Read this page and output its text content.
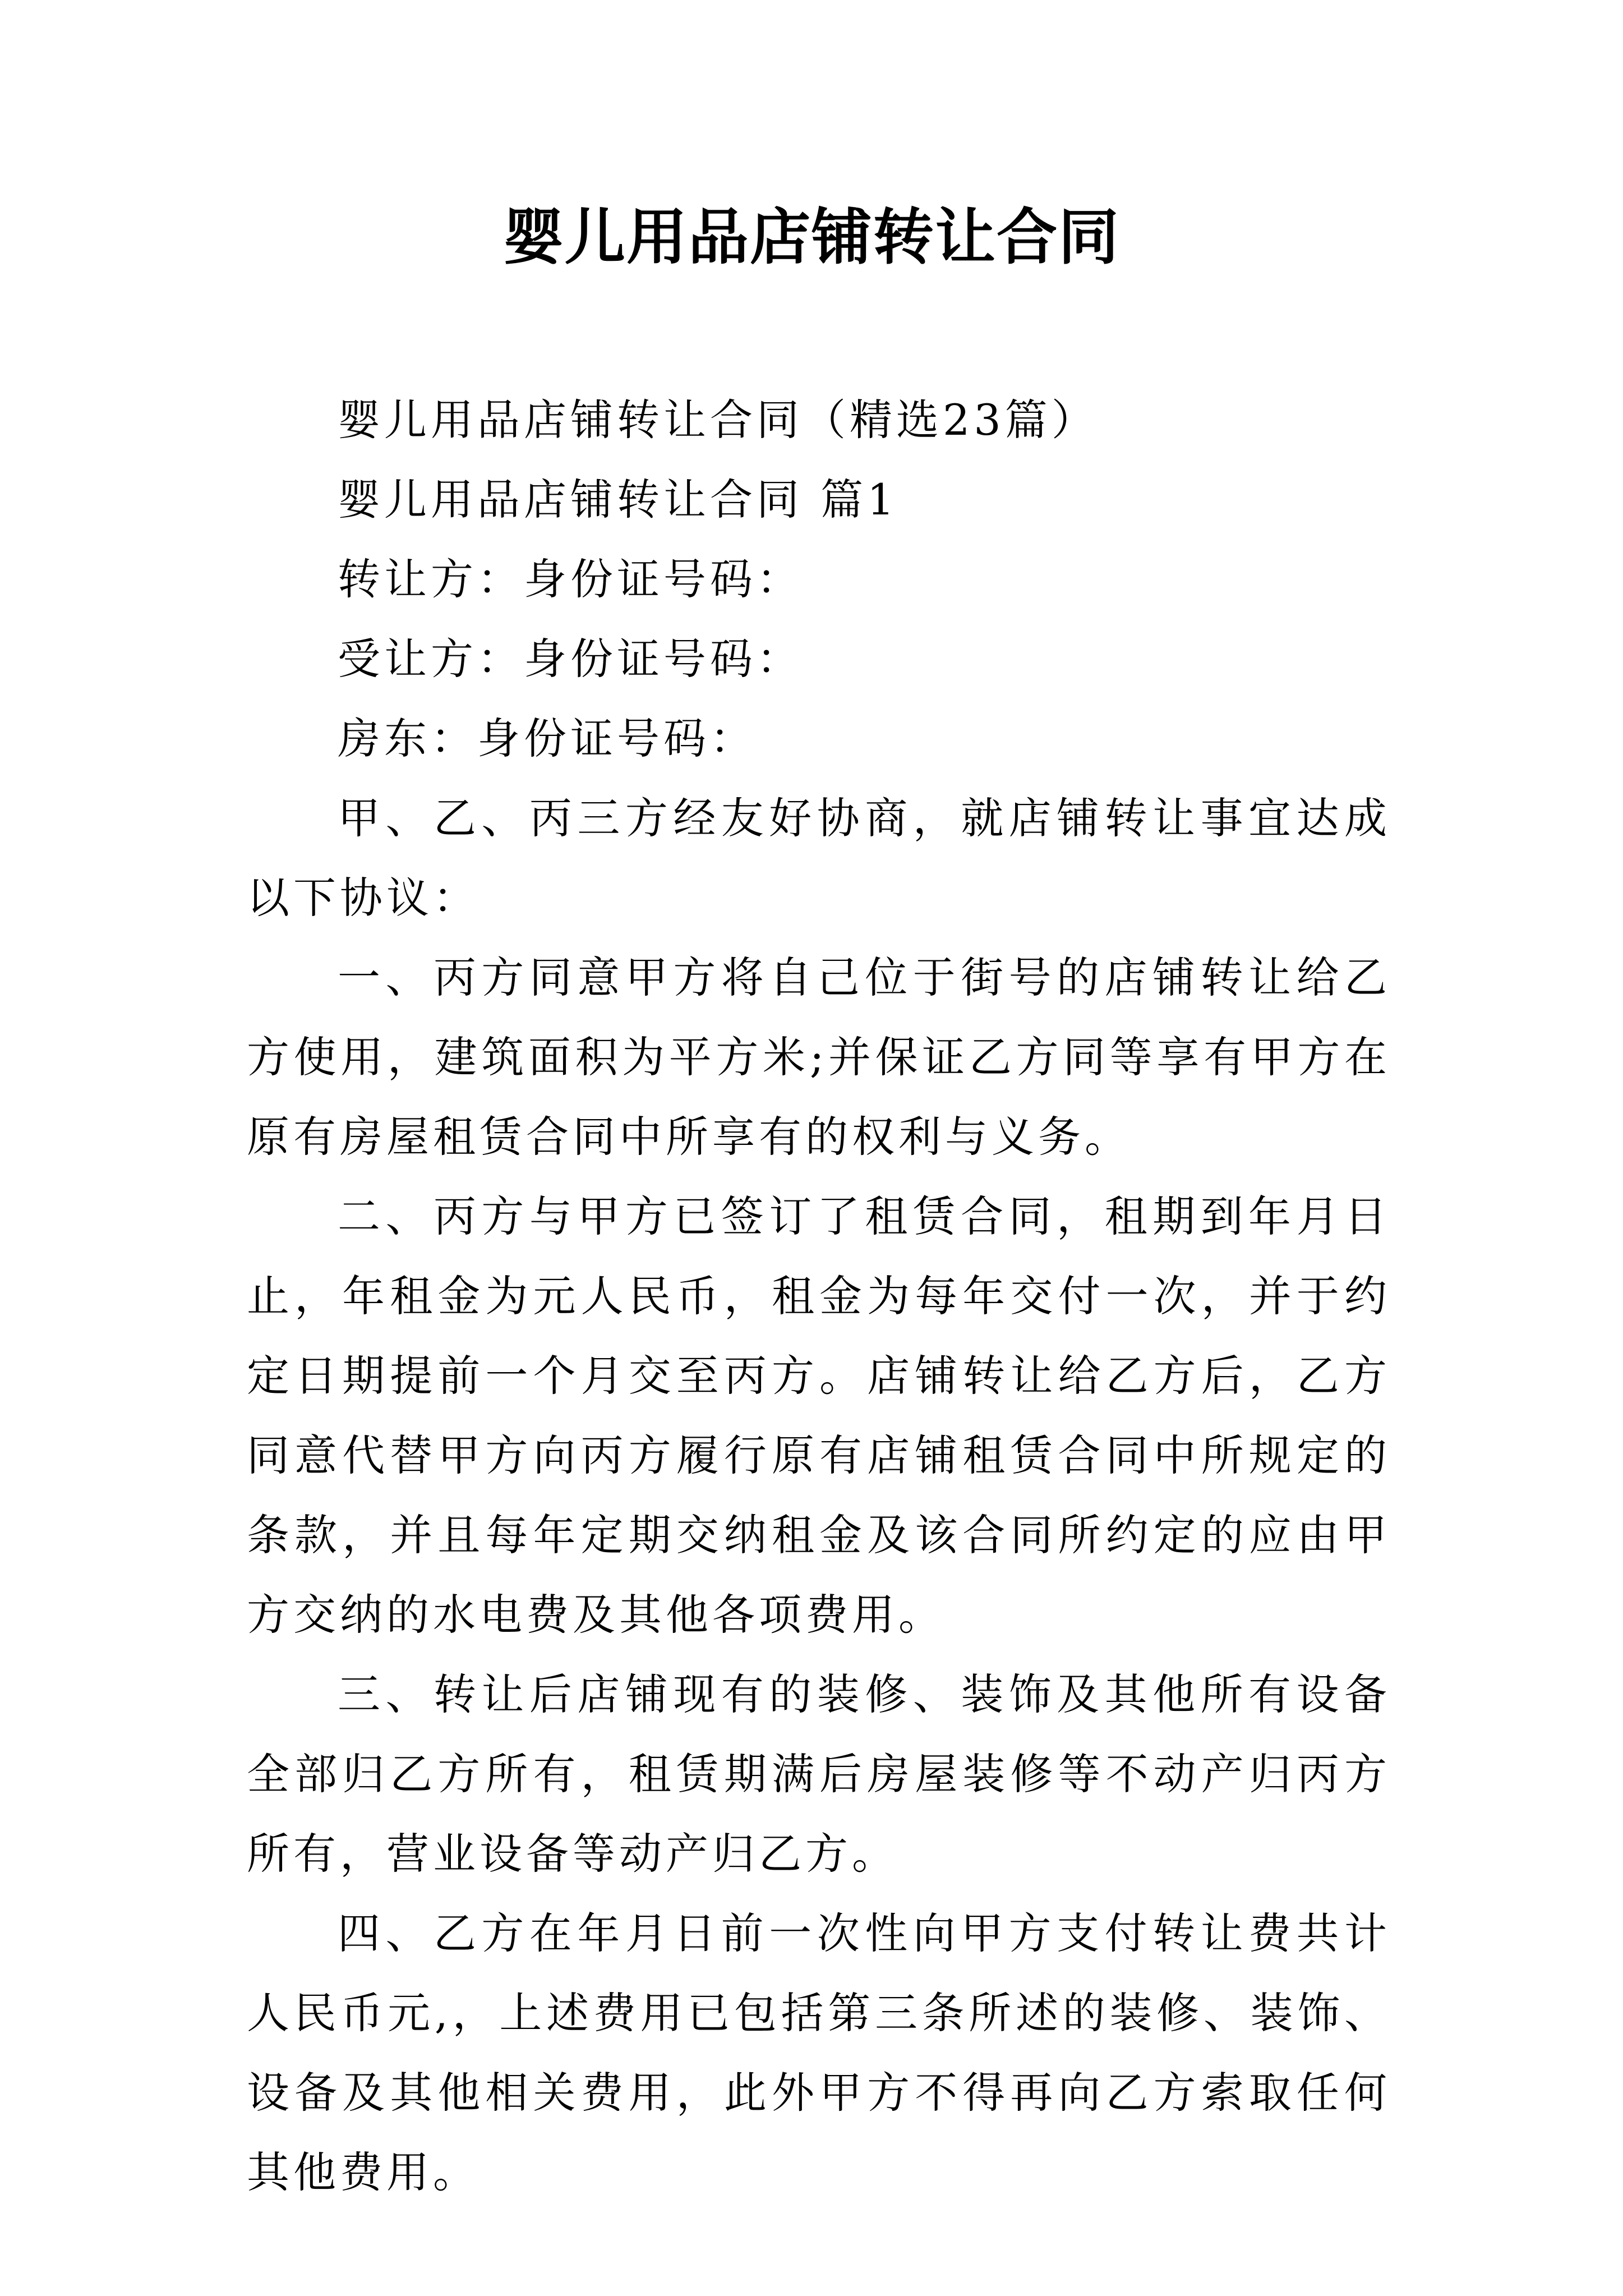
婴儿用品店铺转让合同

婴儿用品店铺转让合同（精选23篇）

婴儿用品店铺转让合同 篇1

转让方：身份证号码：

受让方：身份证号码：

房东：身份证号码：

甲、乙、丙三方经友好协商，就店铺转让事宜达成以下协议：

一、丙方同意甲方将自己位于街号的店铺转让给乙方使用，建筑面积为平方米;并保证乙方同等享有甲方在原有房屋租赁合同中所享有的权利与义务。

二、丙方与甲方已签订了租赁合同，租期到年月日止，年租金为元人民币，租金为每年交付一次，并于约定日期提前一个月交至丙方。店铺转让给乙方后，乙方同意代替甲方向丙方履行原有店铺租赁合同中所规定的条款，并且每年定期交纳租金及该合同所约定的应由甲方交纳的水电费及其他各项费用。

三、转让后店铺现有的装修、装饰及其他所有设备全部归乙方所有，租赁期满后房屋装修等不动产归丙方所有，营业设备等动产归乙方。

四、乙方在年月日前一次性向甲方支付转让费共计人民币元,，上述费用已包括第三条所述的装修、装饰、设备及其他相关费用，此外甲方不得再向乙方索取任何其他费用。
